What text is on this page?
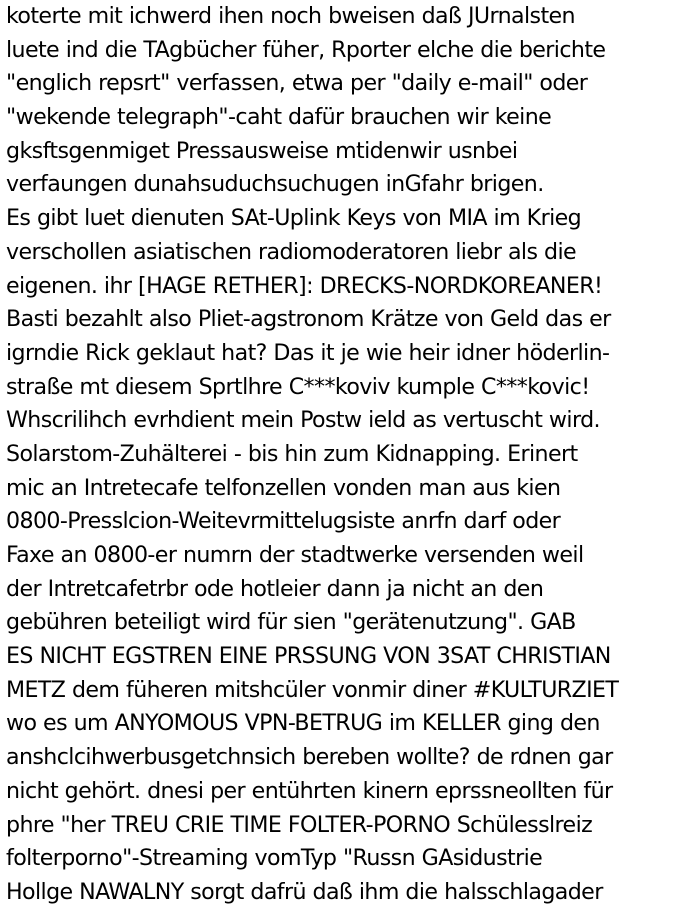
koterte mit ichwerd ihen noch bweisen daß JUrnalsten
luete ind die TAgbücher füher, Rporter elche die berichte
"englich repsrt" verfassen, etwa per "daily e-mail" oder
"wekende telegraph"-caht dafür brauchen wir keine
gksftsgenmiget Pressausweise mtidenwir usnbei
verfaungen dunahsuduchsuchugen inGfahr brigen.
Es gibt luet dienuten SAt-Uplink Keys von MIA im Krieg
verschollen asiatischen radiomoderatoren liebr als die
eigenen. ihr [HAGE RETHER]: DRECKS-NORDKOREANER!
Basti bezahlt also Pliet-agstronom Krätze von Geld das er
igrndie Rick geklaut hat? Das it je wie heir idner höderlin-
straße mt diesem Sprtlhre C***koviv kumple C***kovic!
Whscrilihch evrhdient mein Postw ield as vertuscht wird.
Solarstom-Zuhälterei - bis hin zum Kidnapping. Erinert
mic an Intretecafe telfonzellen vonden man aus kien
0800-Presslcion-Weitevrmittelugsiste anrfn darf oder
Faxe an 0800-er numrn der stadtwerke versenden weil
der Intretcafetrbr ode hotleier dann ja nicht an den
gebühren beteiligt wird für sien "gerätenutzung". GAB
ES NICHT EGSTREN EINE PRSSUNG VON 3SAT CHRISTIAN
METZ dem füheren mitshcüler vonmir diner #KULTURZIET
wo es um ANYOMOUS VPN-BETRUG im KELLER ging den
anshclcihwerbusgetchnsich bereben wollte? de rdnen gar
nicht gehört. dnesi per entührten kinern eprssneollten für
phre "her TREU CRIE TIME FOLTER-PORNO Schülesslreiz
folterporno"-Streaming vomTyp "Russn GAsidustrie
Hollge NAWALNY sorgt dafrü daß ihm die halsschlagader
